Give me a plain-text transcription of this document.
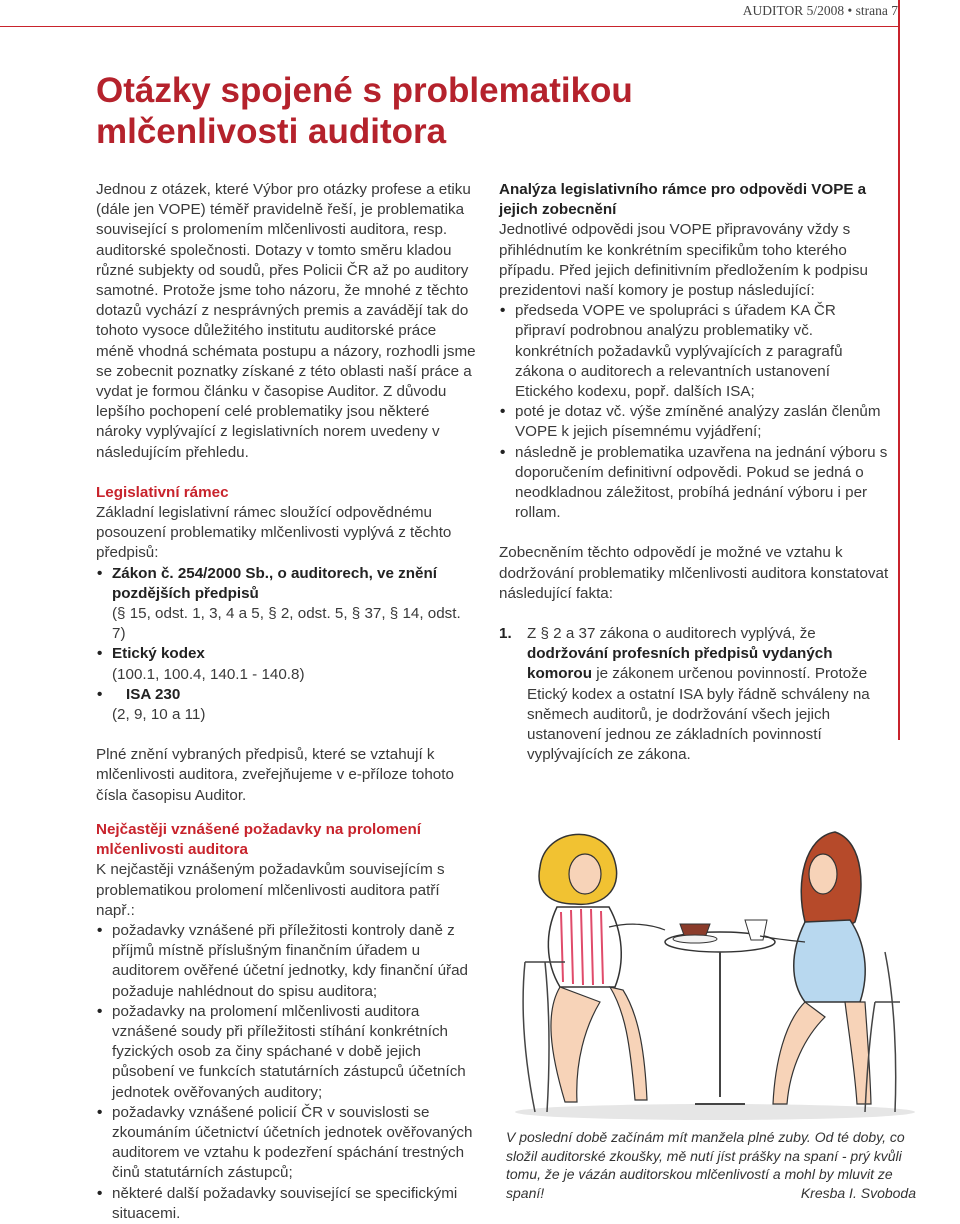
AUDITOR 5/2008 • strana 7
Otázky spojené s problematikou
mlčenlivosti auditora

Jednou z otázek, které Výbor pro otázky profese a etiku (dále jen VOPE) téměř pravidelně řeší, je problematika související s prolomením mlčenlivosti auditora, resp. auditorské společnosti. Dotazy v tomto směru kladou různé subjekty od soudů, přes Policii ČR až po auditory samotné. Protože jsme toho názoru, že mnohé z těchto dotazů vychází z nesprávných premis a zavádějí tak do tohoto vysoce důležitého institutu auditorské práce méně vhodná schémata postupu a názory, rozhodli jsme se zobecnit poznatky získané z této oblasti naší práce a vydat je formou článku v časopise Auditor. Z důvodu lepšího pochopení celé problematiky jsou některé nároky vyplývající z legislativních norem uvedeny v následujícím přehledu.

Legislativní rámec

Základní legislativní rámec sloužící odpovědnému posouzení problematiky mlčenlivosti vyplývá z těchto předpisů:

• Zákon č. 254/2000 Sb., o auditorech, ve znění pozdějších předpisů
(§ 15, odst. 1, 3, 4 a 5, § 2, odst. 5, § 37, § 14, odst. 7)
• Etický kodex
(100.1, 100.4, 140.1 - 140.8)
• ISA 230
(2, 9, 10 a 11)

Plné znění vybraných předpisů, které se vztahují k mlčenlivosti auditora, zveřejňujeme v e-příloze tohoto čísla časopisu Auditor.

Nejčastěji vznášené požadavky na prolomení mlčenlivosti auditora

K nejčastěji vznášeným požadavkům souvisejícím s problematikou prolomení mlčenlivosti auditora patří např.:

• požadavky vznášené při příležitosti kontroly daně z příjmů místně příslušným finančním úřadem u auditorem ověřené účetní jednotky, kdy finanční úřad požaduje nahlédnout do spisu auditora;
• požadavky na prolomení mlčenlivosti auditora vznášené soudy při příležitosti stíhání konkrétních fyzických osob za činy spáchané v době jejich působení ve funkcích statutárních zástupců účetních jednotek ověřovaných auditory;
• požadavky vznášené policií ČR v souvislosti se zkoumáním účetnictví účetních jednotek ověřovaných auditorem ve vztahu k podezření spáchání trestných činů statutárních zástupců;
• některé další požadavky související se specifickými situacemi.

Analýza legislativního rámce pro odpovědi VOPE a jejich zobecnění

Jednotlivé odpovědi jsou VOPE připravovány vždy s přihlédnutím ke konkrétním specifikům toho kterého případu. Před jejich definitivním předložením k podpisu prezidentovi naší komory je postup následující:

• předseda VOPE ve spolupráci s úřadem KA ČR připraví podrobnou analýzu problematiky vč. konkrétních požadavků vyplývajících z paragrafů zákona o auditorech a relevantních ustanovení Etického kodexu, popř. dalších ISA;
• poté je dotaz vč. výše zmíněné analýzy zaslán členům VOPE k jejich písemnému vyjádření;
• následně je problematika uzavřena na jednání výboru s doporučením definitivní odpovědi. Pokud se jedná o neodkladnou záležitost, probíhá jednání výboru i per rollam.

Zobecněním těchto odpovědí je možné ve vztahu k dodržování problematiky mlčenlivosti auditora konstatovat následující fakta:

1. Z § 2 a 37 zákona o auditorech vyplývá, že dodržování profesních předpisů vydaných komorou je zákonem určenou povinností. Protože Etický kodex a ostatní ISA byly řádně schváleny na sněmech auditorů, je dodržování všech jejich ustanovení jednou ze základních povinností vyplývajících ze zákona.
V poslední době začínám mít manžela plné zuby. Od té doby, co složil auditorské zkoušky, mě nutí jíst prášky na spaní - prý kvůli tomu, že je vázán auditorskou mlčenlivostí a mohl by mluvit ze spaní!	Kresba I. Svoboda
